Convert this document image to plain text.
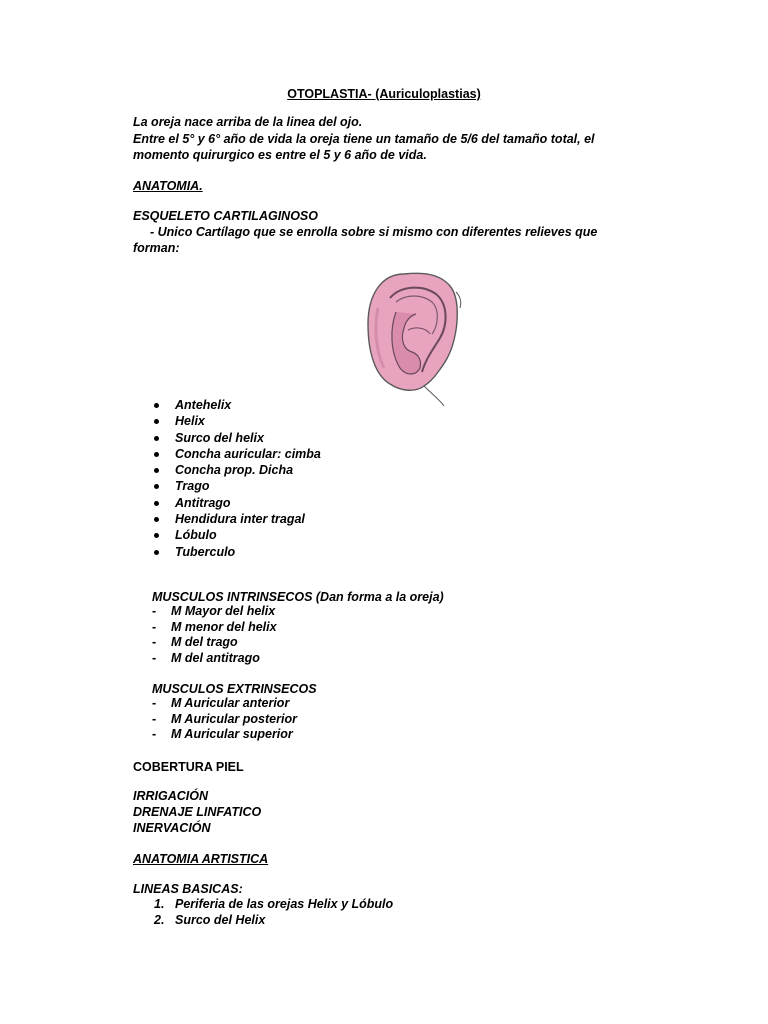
OTOPLASTIA- (Auriculoplastias)
La oreja nace arriba de la linea del ojo.
Entre el 5° y 6° año de vida la oreja tiene un tamaño de 5/6 del tamaño total, el
momento quirurgico es entre el 5 y 6 año de vida.
ANATOMIA.
ESQUELETO CARTILAGINOSO
- Unico Cartílago que se enrolla sobre si mismo con diferentes relieves que
forman:
Antehelix
Helix
Surco del helix
Concha auricular: cimba
Concha prop. Dicha
Trago
Antitrago
Hendidura inter tragal
Lóbulo
Tuberculo
MUSCULOS INTRINSECOS (Dan forma a la oreja)
- M Mayor del helix
- M menor del helix
- M del trago
- M del antitrago
MUSCULOS EXTRINSECOS
- M Auricular anterior
- M Auricular posterior
- M Auricular superior
COBERTURA PIEL
IRRIGACIÓN
DRENAJE LINFATICO
INERVACIÓN
ANATOMIA ARTISTICA
LINEAS BASICAS:
1. Periferia de las orejas Helix y Lóbulo
2. Surco del Helix
